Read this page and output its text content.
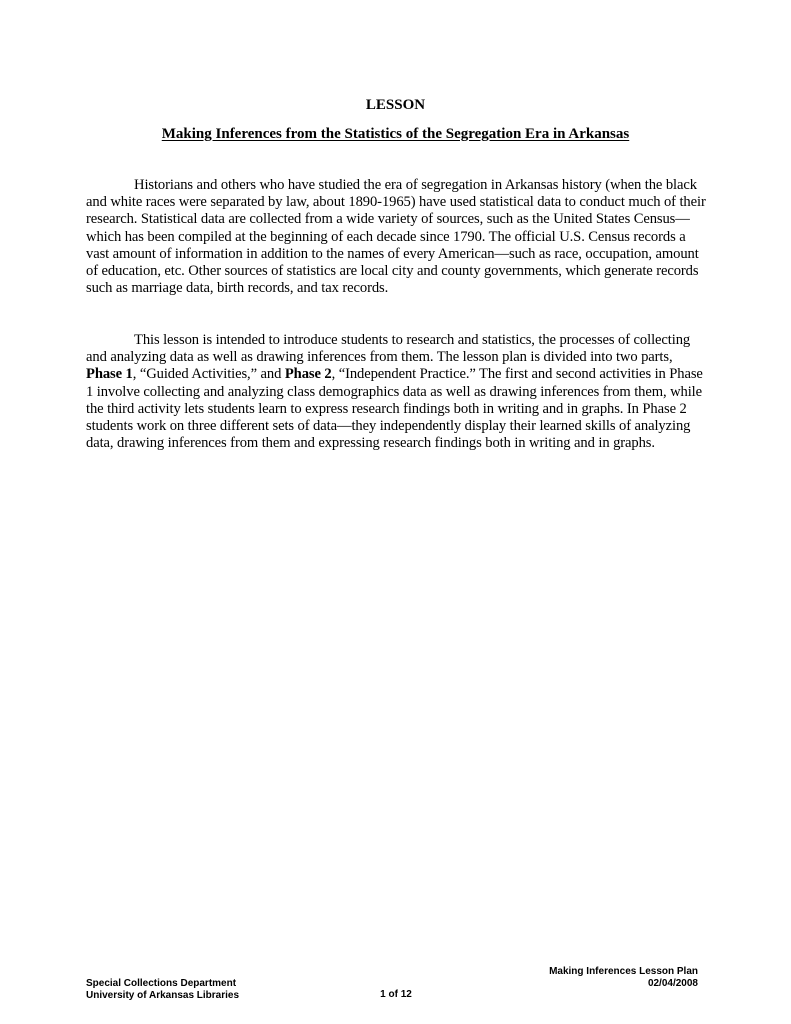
LESSON
Making Inferences from the Statistics of the Segregation Era in Arkansas

Historians and others who have studied the era of segregation in Arkansas history (when the black and white races were separated by law, about 1890-1965) have used statistical data to conduct much of their research. Statistical data are collected from a wide variety of sources, such as the United States Census—which has been compiled at the beginning of each decade since 1790. The official U.S. Census records a vast amount of information in addition to the names of every American—such as race, occupation, amount of education, etc. Other sources of statistics are local city and county governments, which generate records such as marriage data, birth records, and tax records.

This lesson is intended to introduce students to research and statistics, the processes of collecting and analyzing data as well as drawing inferences from them. The lesson plan is divided into two parts, Phase 1, “Guided Activities,” and Phase 2, “Independent Practice.” The first and second activities in Phase 1 involve collecting and analyzing class demographics data as well as drawing inferences from them, while the third activity lets students learn to express research findings both in writing and in graphs. In Phase 2 students work on three different sets of data—they independently display their learned skills of analyzing data, drawing inferences from them and expressing research findings both in writing and in graphs.

Special Collections Department
University of Arkansas Libraries	1 of 12
Making Inferences Lesson Plan
02/04/2008
